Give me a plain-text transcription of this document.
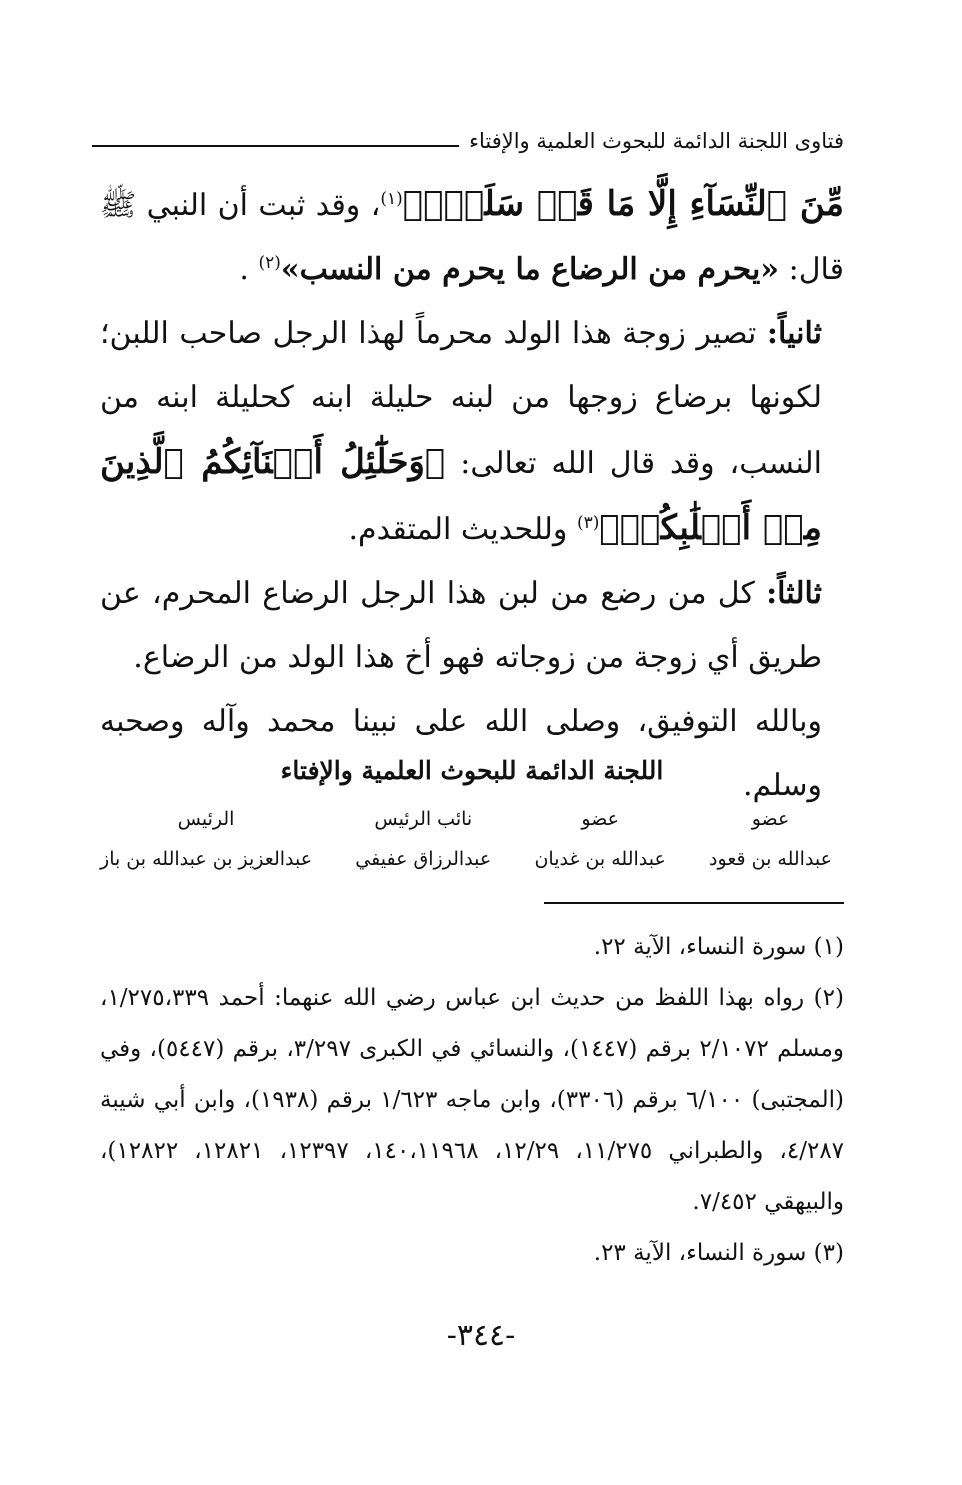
فتاوى اللجنة الدائمة للبحوث العلمية والإفتاء

مِّنَ ٱلنِّسَآءِ إِلَّا مَا قَدۡ سَلَفَۚ﴾$^{(١)}$، وقد ثبت أن النبي ﷺ قال: «يحرم من الرضاع ما يحرم من النسب»$^{(٢)}$ .

ثانياً: تصير زوجة هذا الولد محرماً لهذا الرجل صاحب اللبن؛ لكونها برضاع زوجها من لبنه حليلة ابنه كحليلة ابنه من النسب، وقد قال الله تعالى: ﴿وَحَلَٰٓئِلُ أَبۡنَآئِكُمُ ٱلَّذِينَ مِنۡ أَصۡلَٰبِكُمۡ﴾$^{(٣)}$ وللحديث المتقدم.

ثالثاً: كل من رضع من لبن هذا الرجل الرضاع المحرم، عن طريق أي زوجة من زوجاته فهو أخ هذا الولد من الرضاع.

وبالله التوفيق، وصلى الله على نبينا محمد وآله وصحبه وسلم.

اللجنة الدائمة للبحوث العلمية والإفتاء
عضو
عبدالله بن قعود
عضو
عبدالله بن غديان
نائب الرئيس
عبدالرزاق عفيفي
الرئيس
عبدالعزيز بن عبدالله بن باز

(١) سورة النساء، الآية ٢٢.

(٢) رواه بهذا اللفظ من حديث ابن عباس رضي الله عنهما: أحمد ١/٢٧٥،٣٣٩، ومسلم ٢/١٠٧٢ برقم (١٤٤٧)، والنسائي في الكبرى ٣/٢٩٧، برقم (٥٤٤٧)، وفي (المجتبى) ٦/١٠٠ برقم (٣٣٠٦)، وابن ماجه ١/٦٢٣ برقم (١٩٣٨)، وابن أبي شيبة ٤/٢٨٧، والطبراني ١١/٢٧٥، ١٢/٢٩، ١٤٠،١١٩٦٨، ١٢٣٩٧، ١٢٨٢١، ١٢٨٢٢)، والبيهقي ٧/٤٥٢.

(٣) سورة النساء، الآية ٢٣.

-٣٤٤-
